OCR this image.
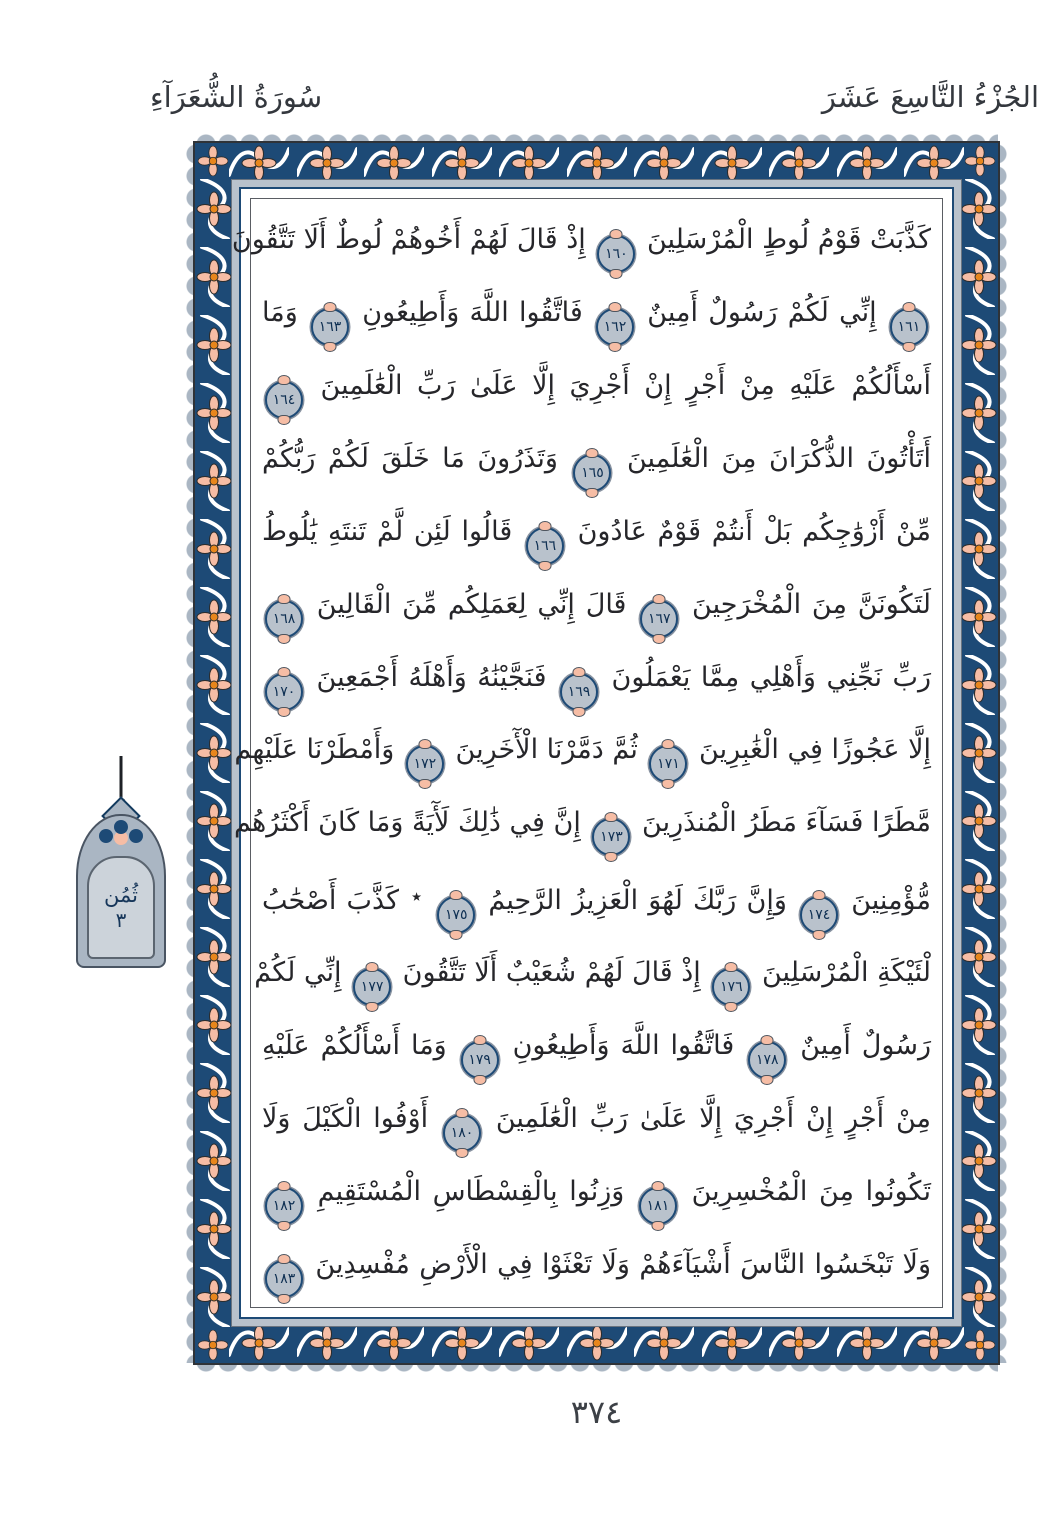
الجُزْءُ التَّاسِعَ عَشَرَ
سُورَةُ الشُّعَرَآءِ
كَذَّبَتْ قَوْمُ لُوطٍ الْمُرْسَلِينَ
١٦٠
إِذْ قَالَ لَهُمْ أَخُوهُمْ لُوطٌ أَلَا تَتَّقُونَ
١٦١
إِنِّي لَكُمْ رَسُولٌ أَمِينٌ
١٦٢
فَاتَّقُوا اللَّهَ وَأَطِيعُونِ
١٦٣
وَمَا
أَسْأَلُكُمْ عَلَيْهِ مِنْ أَجْرٍ إِنْ أَجْرِيَ إِلَّا عَلَىٰ رَبِّ الْعَٰلَمِينَ
١٦٤
أَتَأْتُونَ الذُّكْرَانَ مِنَ الْعَٰلَمِينَ
١٦٥
وَتَذَرُونَ مَا خَلَقَ لَكُمْ رَبُّكُمْ
مِّنْ أَزْوَٰجِكُم بَلْ أَنتُمْ قَوْمٌ عَادُونَ
١٦٦
قَالُوا لَئِن لَّمْ تَنتَهِ يَٰلُوطُ
لَتَكُونَنَّ مِنَ الْمُخْرَجِينَ
١٦٧
قَالَ إِنِّي لِعَمَلِكُم مِّنَ الْقَالِينَ
١٦٨
رَبِّ نَجِّنِي وَأَهْلِي مِمَّا يَعْمَلُونَ
١٦٩
فَنَجَّيْنَٰهُ وَأَهْلَهُ أَجْمَعِينَ
١٧٠
إِلَّا عَجُوزًا فِي الْغَٰبِرِينَ
١٧١
ثُمَّ دَمَّرْنَا الْأٓخَرِينَ
١٧٢
وَأَمْطَرْنَا عَلَيْهِم
مَّطَرًا فَسَآءَ مَطَرُ الْمُنذَرِينَ
١٧٣
إِنَّ فِي ذَٰلِكَ لَأٓيَةً وَمَا كَانَ أَكْثَرُهُم
مُّؤْمِنِينَ
١٧٤
وَإِنَّ رَبَّكَ لَهُوَ الْعَزِيزُ الرَّحِيمُ
١٧٥
٭ كَذَّبَ أَصْحَٰبُ
لْئَيْكَةِ الْمُرْسَلِينَ
١٧٦
إِذْ قَالَ لَهُمْ شُعَيْبٌ أَلَا تَتَّقُونَ
١٧٧
إِنِّي لَكُمْ
رَسُولٌ أَمِينٌ
١٧٨
فَاتَّقُوا اللَّهَ وَأَطِيعُونِ
١٧٩
وَمَا أَسْأَلُكُمْ عَلَيْهِ
مِنْ أَجْرٍ إِنْ أَجْرِيَ إِلَّا عَلَىٰ رَبِّ الْعَٰلَمِينَ
١٨٠
أَوْفُوا الْكَيْلَ وَلَا
تَكُونُوا مِنَ الْمُخْسِرِينَ
١٨١
وَزِنُوا بِالْقِسْطَاسِ الْمُسْتَقِيمِ
١٨٢
وَلَا تَبْخَسُوا النَّاسَ أَشْيَآءَهُمْ وَلَا تَعْثَوْا فِي الْأَرْضِ مُفْسِدِينَ
١٨٣
ثُمُن
٣
٣٧٤
